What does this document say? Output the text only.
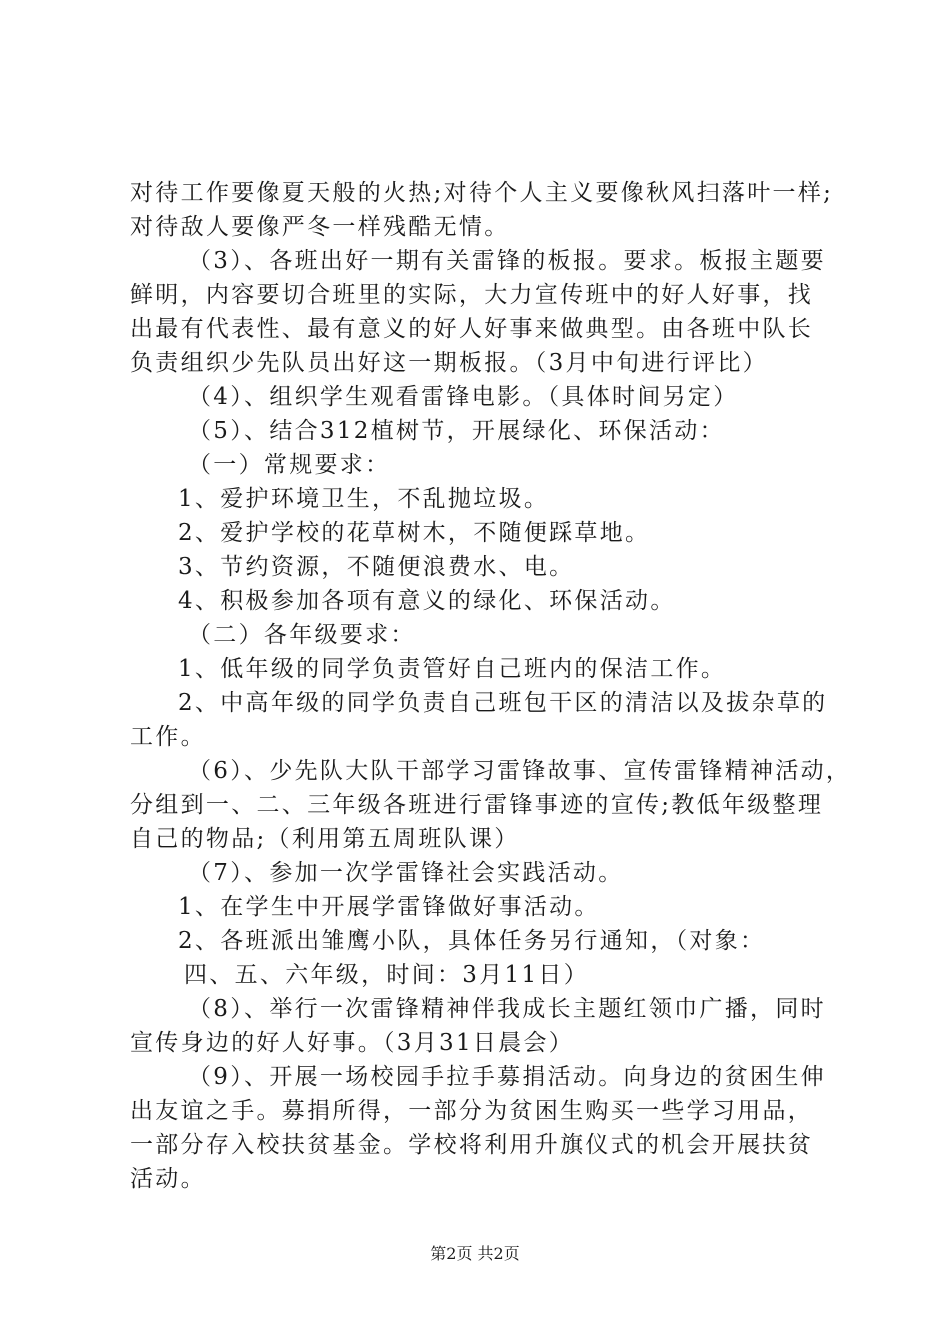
对待工作要像夏天般的火热;对待个人主义要像秋风扫落叶一样;
对待敌人要像严冬一样残酷无情。
（3）、各班出好一期有关雷锋的板报。要求。板报主题要
鲜明，内容要切合班里的实际，大力宣传班中的好人好事，找
出最有代表性、最有意义的好人好事来做典型。由各班中队长
负责组织少先队员出好这一期板报。（3月中旬进行评比）
（4）、组织学生观看雷锋电影。（具体时间另定）
（5）、结合312植树节，开展绿化、环保活动：
（一）常规要求：
1、爱护环境卫生，不乱抛垃圾。
2、爱护学校的花草树木，不随便踩草地。
3、节约资源，不随便浪费水、电。
4、积极参加各项有意义的绿化、环保活动。
（二）各年级要求：
1、低年级的同学负责管好自己班内的保洁工作。
2、中高年级的同学负责自己班包干区的清洁以及拔杂草的
工作。
（6）、少先队大队干部学习雷锋故事、宣传雷锋精神活动，
分组到一、二、三年级各班进行雷锋事迹的宣传;教低年级整理
自己的物品;（利用第五周班队课）
（7）、参加一次学雷锋社会实践活动。
1、在学生中开展学雷锋做好事活动。
2、各班派出雏鹰小队，具体任务另行通知，（对象：
四、五、六年级，时间：3月11日）
（8）、举行一次雷锋精神伴我成长主题红领巾广播，同时
宣传身边的好人好事。（3月31日晨会）
（9）、开展一场校园手拉手募捐活动。向身边的贫困生伸
出友谊之手。募捐所得，一部分为贫困生购买一些学习用品，
一部分存入校扶贫基金。学校将利用升旗仪式的机会开展扶贫
活动。
第2页 共2页
